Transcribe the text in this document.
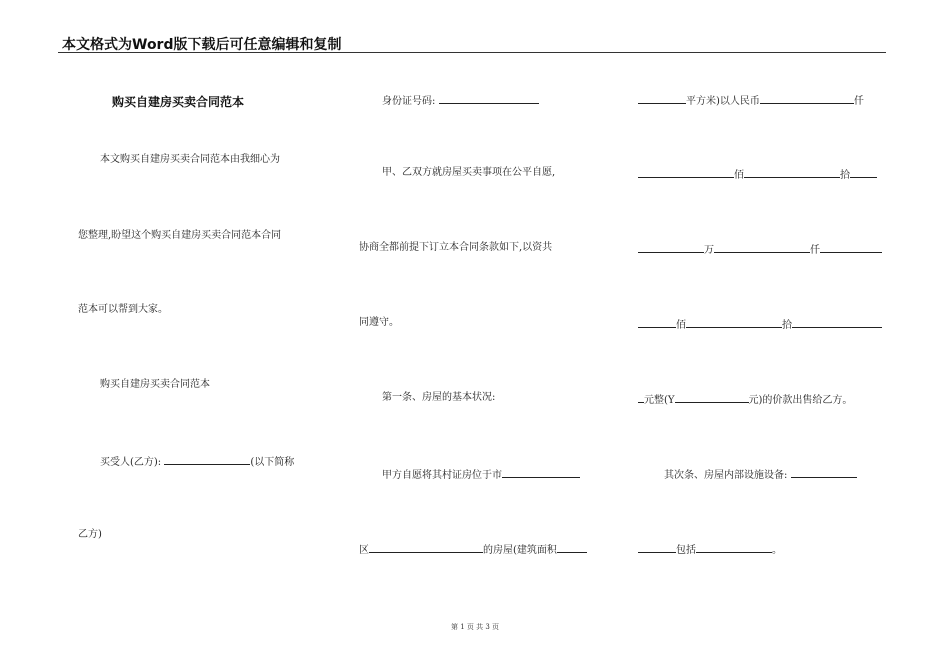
本文格式为Word版下载后可任意编辑和复制
购买自建房买卖合同范本
本文购买自建房买卖合同范本由我细心为
您整理,盼望这个购买自建房买卖合同范本合同
范本可以帮到大家。
购买自建房买卖合同范本
买受人(乙方):	(以下简称
乙方)
身份证号码:
甲、乙双方就房屋买卖事项在公平自愿,
协商全都前提下订立本合同条款如下,以资共
同遵守。
第一条、房屋的基本状况:
甲方自愿将其村证房位于市
区	的房屋(建筑面积
平方米)以人民币	仟
佰	拾
万	仟
佰	拾
元整(Y	元)的价款出售给乙方。
其次条、房屋内部设施设备:
包括	。
第 1 页 共 3 页
